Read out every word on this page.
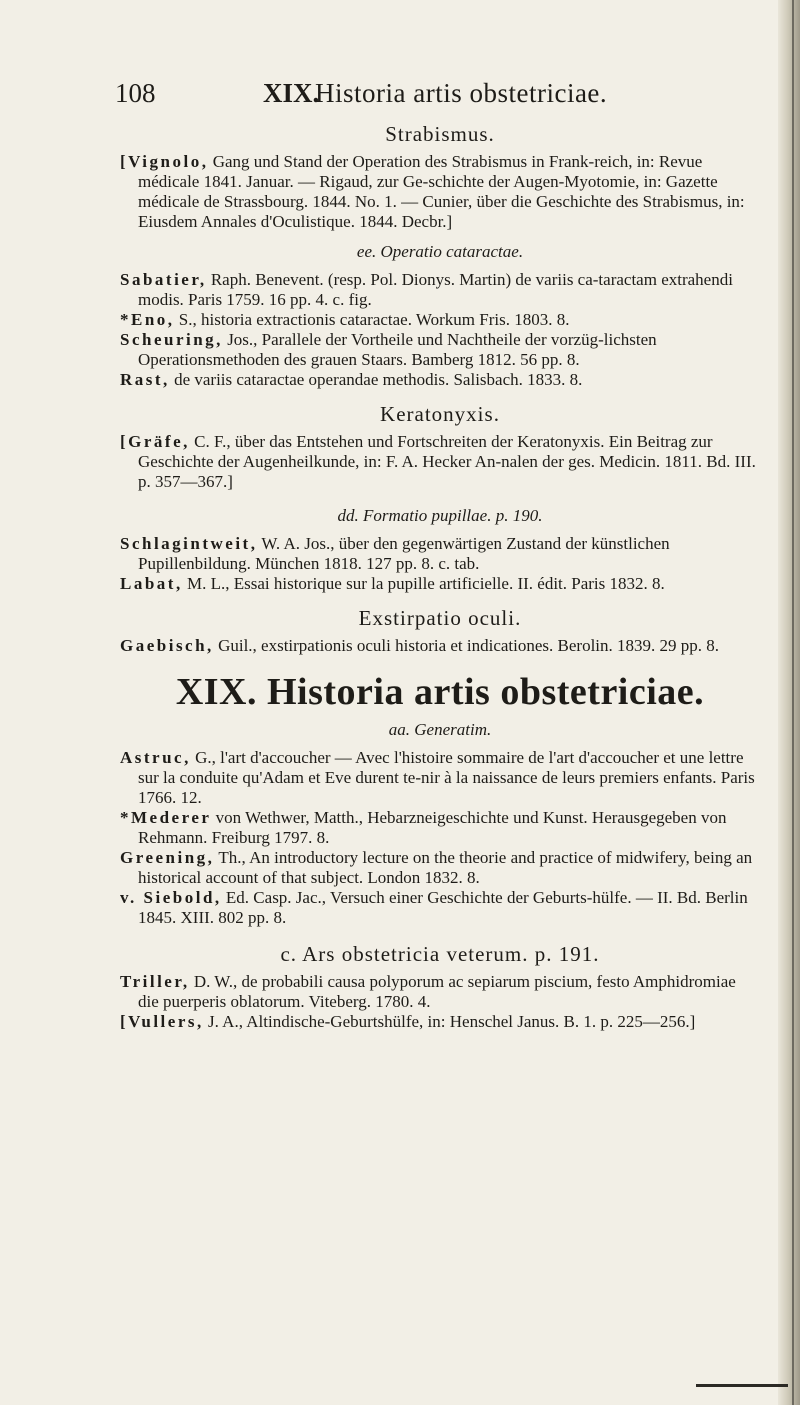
108	XIX.
Historia artis obstetriciae.
Strabismus.

[Vignolo, Gang und Stand der Operation des Strabismus in Frank-reich, in: Revue médicale 1841. Januar. — Rigaud, zur Ge-schichte der Augen-Myotomie, in: Gazette médicale de Strassbourg. 1844. No. 1. — Cunier, über die Geschichte des Strabismus, in: Eiusdem Annales d'Oculistique. 1844. Decbr.]

ee. Operatio cataractae.

Sabatier, Raph. Benevent. (resp. Pol. Dionys. Martin) de variis ca-taractam extrahendi modis. Paris 1759. 16 pp. 4. c. fig.

*Eno, S., historia extractionis cataractae. Workum Fris. 1803. 8.

Scheuring, Jos., Parallele der Vortheile und Nachtheile der vorzüg-lichsten Operationsmethoden des grauen Staars. Bamberg 1812. 56 pp. 8.

Rast, de variis cataractae operandae methodis. Salisbach. 1833. 8.

Keratonyxis.

[Gräfe, C. F., über das Entstehen und Fortschreiten der Keratonyxis. Ein Beitrag zur Geschichte der Augenheilkunde, in: F. A. Hecker An-nalen der ges. Medicin. 1811. Bd. III. p. 357—367.]

dd. Formatio pupillae. p. 190.

Schlagintweit, W. A. Jos., über den gegenwärtigen Zustand der künstlichen Pupillenbildung. München 1818. 127 pp. 8. c. tab.

Labat, M. L., Essai historique sur la pupille artificielle. II. édit. Paris 1832. 8.

Exstirpatio oculi.

Gaebisch, Guil., exstirpationis oculi historia et indicationes. Berolin. 1839. 29 pp. 8.

XIX. Historia artis obstetriciae.
aa. Generatim.

Astruc, G., l'art d'accoucher — Avec l'histoire sommaire de l'art d'accoucher et une lettre sur la conduite qu'Adam et Eve durent te-nir à la naissance de leurs premiers enfants. Paris 1766. 12.

*Mederer von Wethwer, Matth., Hebarzneigeschichte und Kunst. Herausgegeben von Rehmann. Freiburg 1797. 8.

Greening, Th., An introductory lecture on the theorie and practice of midwifery, being an historical account of that subject. London 1832. 8.

v. Siebold, Ed. Casp. Jac., Versuch einer Geschichte der Geburts-hülfe. — II. Bd. Berlin 1845. XIII. 802 pp. 8.

c. Ars obstetricia veterum. p. 191.

Triller, D. W., de probabili causa polyporum ac sepiarum piscium, festo Amphidromiae die puerperis oblatorum. Viteberg. 1780. 4.

[Vullers, J. A., Altindische-Geburtshülfe, in: Henschel Janus. B. 1. p. 225—256.]
